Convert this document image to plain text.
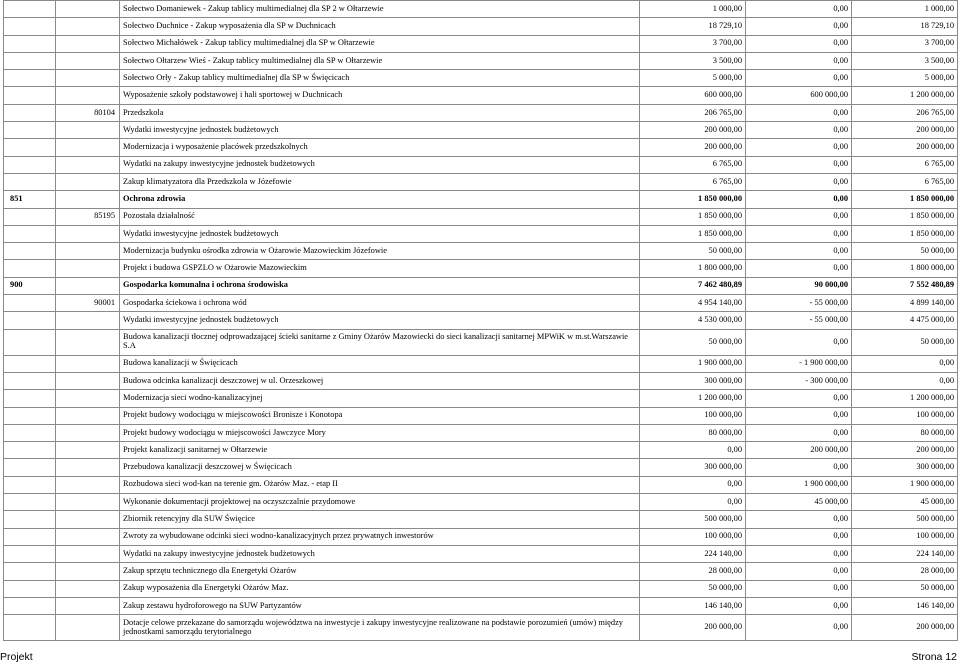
		Sołectwo Domaniewek - Zakup tablicy multimedialnej dla SP 2 w Ołtarzewie	1 000,00	0,00	1 000,00
		Sołectwo Duchnice - Zakup wyposażenia dla SP w Duchnicach	18 729,10	0,00	18 729,10
		Sołectwo Michałówek - Zakup tablicy multimedialnej dla SP w Ołtarzewie	3 700,00	0,00	3 700,00
		Sołectwo Ołtarzew Wieś - Zakup tablicy multimedialnej dla SP w Ołtarzewie	3 500,00	0,00	3 500,00
		Sołectwo Orły - Zakup tablicy multimedialnej dla SP w Święcicach	5 000,00	0,00	5 000,00
		Wyposażenie szkoły podstawowej i hali sportowej w Duchnicach	600 000,00	600 000,00	1 200 000,00
	80104	Przedszkola	206 765,00	0,00	206 765,00
		Wydatki inwestycyjne jednostek budżetowych	200 000,00	0,00	200 000,00
		Modernizacja i wyposażenie placówek przedszkolnych	200 000,00	0,00	200 000,00
		Wydatki na zakupy inwestycyjne jednostek budżetowych	6 765,00	0,00	6 765,00
		Zakup klimatyzatora dla Przedszkola w Józefowie	6 765,00	0,00	6 765,00
851		Ochrona zdrowia	1 850 000,00	0,00	1 850 000,00
	85195	Pozostała działalność	1 850 000,00	0,00	1 850 000,00
		Wydatki inwestycyjne jednostek budżetowych	1 850 000,00	0,00	1 850 000,00
		Modernizacja budynku ośrodka zdrowia w Ożarowie Mazowieckim Józefowie	50 000,00	0,00	50 000,00
		Projekt i budowa GSPZLO w Ożarowie Mazowieckim	1 800 000,00	0,00	1 800 000,00
900		Gospodarka komunalna i ochrona środowiska	7 462 480,89	90 000,00	7 552 480,89
	90001	Gospodarka ściekowa i ochrona wód	4 954 140,00	- 55 000,00	4 899 140,00
		Wydatki inwestycyjne jednostek budżetowych	4 530 000,00	- 55 000,00	4 475 000,00
		Budowa kanalizacji tłocznej odprowadzającej ścieki sanitarne z Gminy Ożarów Mazowiecki do sieci kanalizacji sanitarnej MPWiK w m.st.Warszawie S.A	50 000,00	0,00	50 000,00
		Budowa kanalizacji w Święcicach	1 900 000,00	- 1 900 000,00	0,00
		Budowa odcinka kanalizacji deszczowej w ul. Orzeszkowej	300 000,00	- 300 000,00	0,00
		Modernizacja sieci wodno-kanalizacyjnej	1 200 000,00	0,00	1 200 000,00
		Projekt budowy wodociągu w miejscowości Bronisze i Konotopa	100 000,00	0,00	100 000,00
		Projekt budowy wodociągu w miejscowości Jawczyce Mory	80 000,00	0,00	80 000,00
		Projekt kanalizacji sanitarnej w Ołtarzewie	0,00	200 000,00	200 000,00
		Przebudowa kanalizacji deszczowej w Święcicach	300 000,00	0,00	300 000,00
		Rozbudowa sieci wod-kan na terenie gm. Ożarów Maz. - etap II	0,00	1 900 000,00	1 900 000,00
		Wykonanie dokumentacji projektowej na oczyszczalnie przydomowe	0,00	45 000,00	45 000,00
		Zbiornik retencyjny dla SUW Święcice	500 000,00	0,00	500 000,00
		Zwroty za wybudowane odcinki sieci wodno-kanalizacyjnych przez prywatnych inwestorów	100 000,00	0,00	100 000,00
		Wydatki na zakupy inwestycyjne jednostek budżetowych	224 140,00	0,00	224 140,00
		Zakup sprzętu technicznego dla Energetyki Ożarów	28 000,00	0,00	28 000,00
		Zakup wyposażenia dla Energetyki Ożarów Maz.	50 000,00	0,00	50 000,00
		Zakup zestawu hydroforowego na SUW Partyzantów	146 140,00	0,00	146 140,00
		Dotacje celowe przekazane do samorządu województwa na inwestycje i zakupy inwestycyjne realizowane na podstawie porozumień (umów) między jednostkami samorządu terytorialnego	200 000,00	0,00	200 000,00
Projekt	Strona 12
